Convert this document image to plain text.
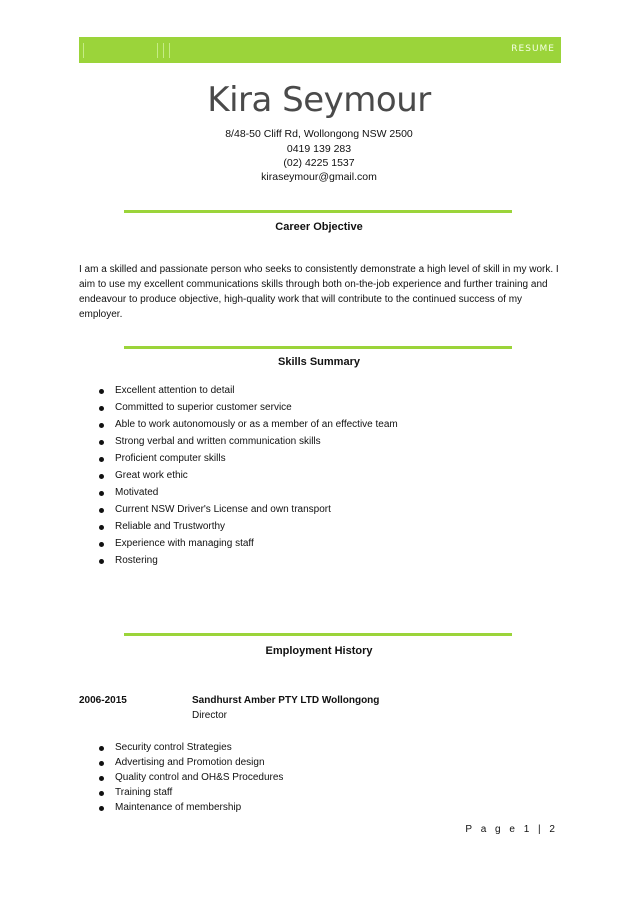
RESUME
Kira Seymour
8/48-50 Cliff Rd, Wollongong NSW 2500
0419 139 283
(02) 4225 1537
kiraseymour@gmail.com
Career Objective

I am a skilled and passionate person who seeks to consistently demonstrate a high level of skill in my work. I aim to use my excellent communications skills through both on-the-job experience and further training and endeavour to produce objective, high-quality work that will contribute to the continued success of my employer.

Skills Summary
Excellent attention to detail
Committed to superior customer service
Able to work autonomously or as a member of an effective team
Strong verbal and written communication skills
Proficient computer skills
Great work ethic
Motivated
Current NSW Driver's License and own transport
Reliable and Trustworthy
Experience with managing staff
Rostering
Employment History
2006-2015	Sandhurst Amber PTY LTD Wollongong
Director
Security control Strategies
Advertising and Promotion design
Quality control and OH&S Procedures
Training staff
Maintenance of membership
P a g e 1 | 2
